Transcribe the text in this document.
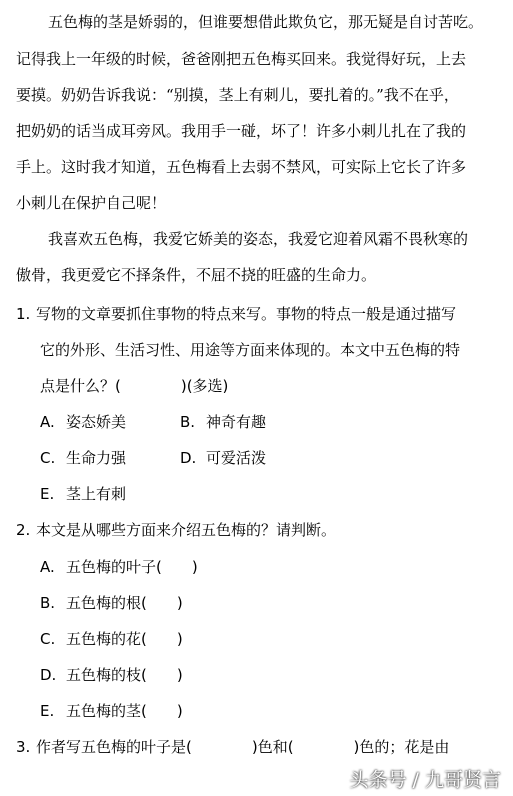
五色梅的茎是娇弱的，但谁要想借此欺负它，那无疑是自讨苦吃。
记得我上一年级的时候，爸爸刚把五色梅买回来。我觉得好玩，上去
要摸。奶奶告诉我说：“别摸，茎上有刺儿，要扎着的。”我不在乎，
把奶奶的话当成耳旁风。我用手一碰，坏了！许多小刺儿扎在了我的
手上。这时我才知道，五色梅看上去弱不禁风，可实际上它长了许多
小刺儿在保护自己呢！
我喜欢五色梅，我爱它娇美的姿态，我爱它迎着风霜不畏秋寒的
傲骨，我更爱它不择条件，不屈不挠的旺盛的生命力。
1. 写物的文章要抓住事物的特点来写。事物的特点一般是通过描写
它的外形、生活习性、用途等方面来体现的。本文中五色梅的特
点是什么？(　　　　)(多选)
A. 姿态娇美	B. 神奇有趣
C. 生命力强	D. 可爱活泼
E. 茎上有刺
2. 本文是从哪些方面来介绍五色梅的？请判断。
A. 五色梅的叶子(　　)
B. 五色梅的根(　　)
C. 五色梅的花(　　)
D. 五色梅的枝(　　)
E. 五色梅的茎(　　)
3. 作者写五色梅的叶子是(　　　　)色和(　　　　)色的；花是由
头条号 / 九哥贤言
